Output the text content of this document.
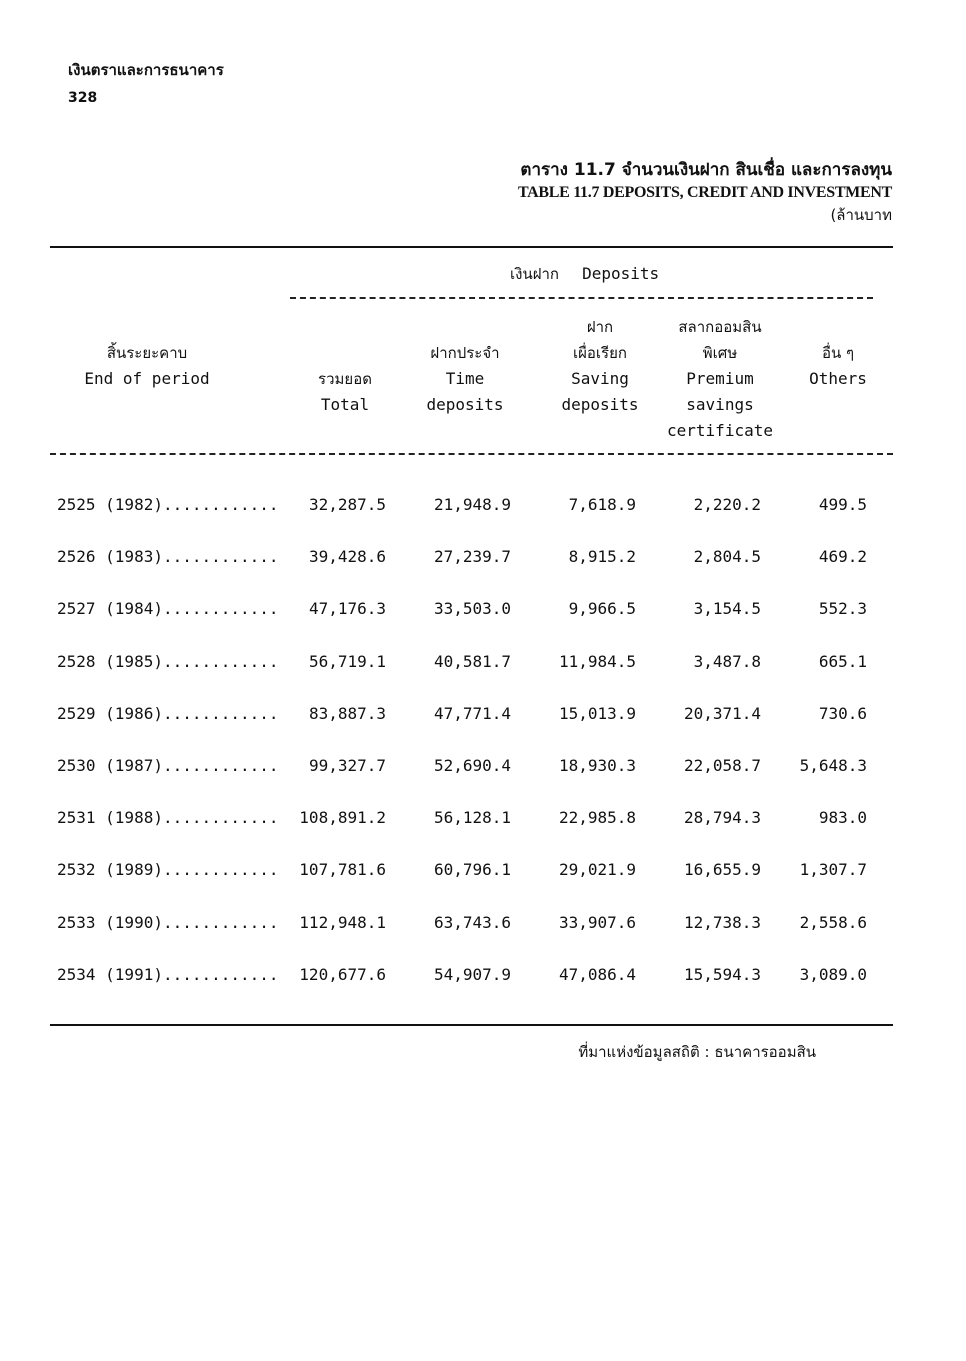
เงินตราและการธนาคาร
328
ตาราง 11.7 จำนวนเงินฝาก สินเชื่อ และการลงทุน
TABLE 11.7 DEPOSITS, CREDIT AND INVESTMENT
(ล้านบาท
เงินฝาก Deposits
สิ้นระยะคาบ
End of period	รวมยอด
Total
ฝากประจำ
Time
deposits
ฝาก
เผื่อเรียก
Saving
deposits
สลากออมสิน
พิเศษ
Premium
savings
certificate
อื่น ๆ
Others
2525 (1982)............ 32,287.5	21,948.9	7,618.9	2,220.2	499.5
2526 (1983)............ 39,428.6	27,239.7	8,915.2	2,804.5	469.2
2527 (1984)............ 47,176.3	33,503.0	9,966.5	3,154.5	552.3
2528 (1985)............ 56,719.1	40,581.7	11,984.5	3,487.8	665.1
2529 (1986)............ 83,887.3	47,771.4	15,013.9	20,371.4	730.6
2530 (1987)............ 99,327.7	52,690.4	18,930.3	22,058.7 5,648.3
2531 (1988)............ 108,891.2	56,128.1	22,985.8	28,794.3	983.0
2532 (1989)............ 107,781.6	60,796.1	29,021.9	16,655.9 1,307.7
2533 (1990)............ 112,948.1	63,743.6	33,907.6	12,738.3 2,558.6
2534 (1991)............ 120,677.6	54,907.9	47,086.4	15,594.3 3,089.0
ที่มาแห่งข้อมูลสถิติ : ธนาคารออมสิน
